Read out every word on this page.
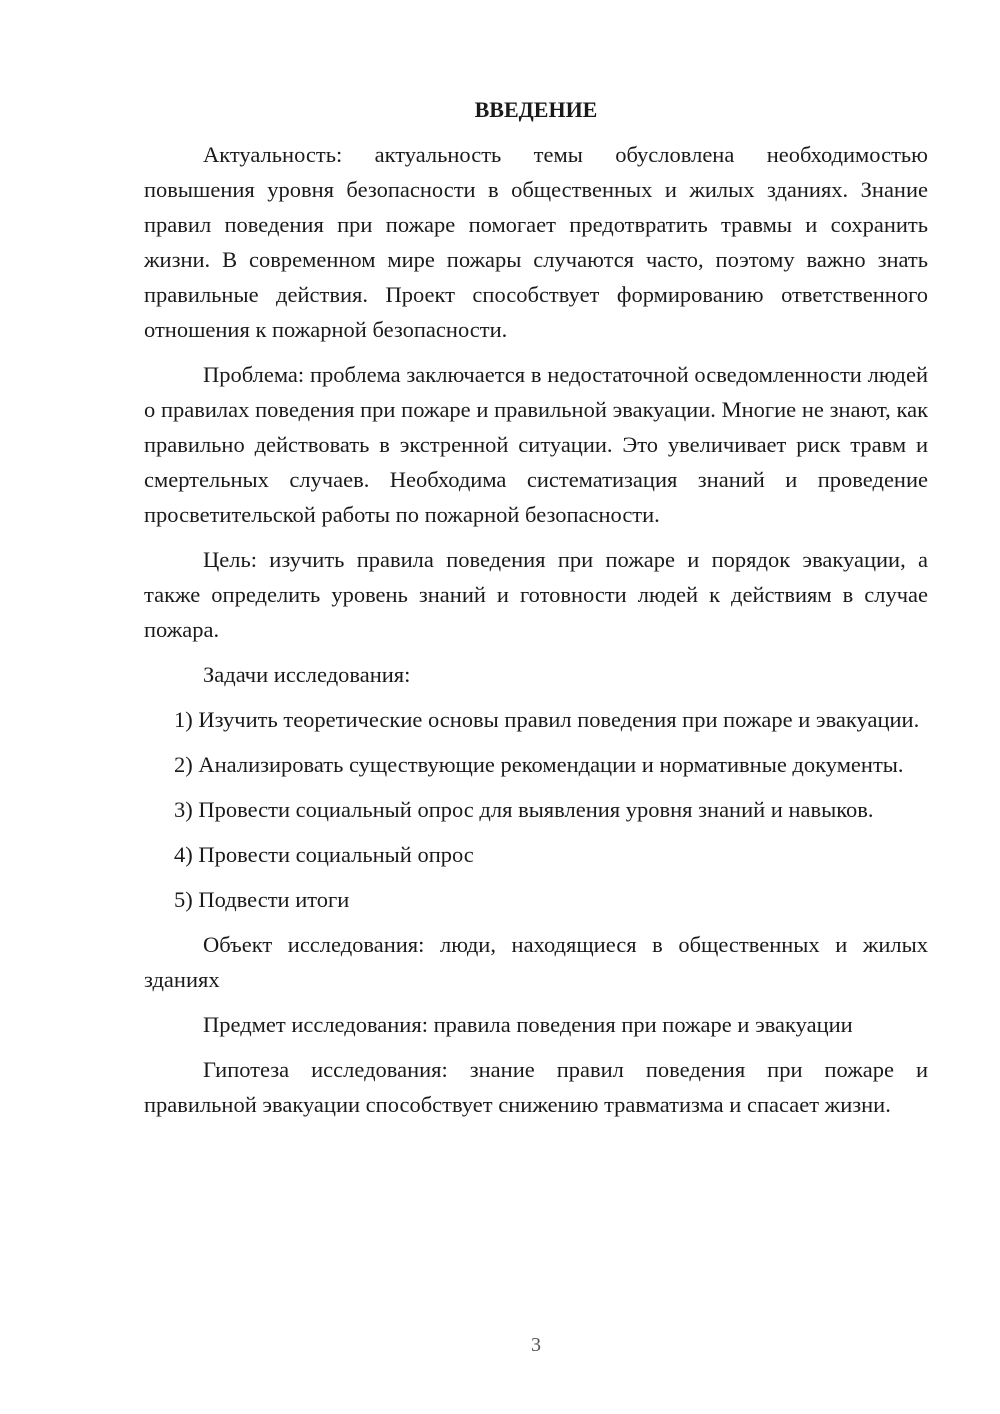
ВВЕДЕНИЕ

Актуальность: актуальность темы обусловлена необходимостью повышения уровня безопасности в общественных и жилых зданиях. Знание правил поведения при пожаре помогает предотвратить травмы и сохранить жизни. В современном мире пожары случаются часто, поэтому важно знать правильные действия. Проект способствует формированию ответственного отношения к пожарной безопасности.

Проблема: проблема заключается в недостаточной осведомленности людей о правилах поведения при пожаре и правильной эвакуации. Многие не знают, как правильно действовать в экстренной ситуации. Это увеличивает риск травм и смертельных случаев. Необходима систематизация знаний и проведение просветительской работы по пожарной безопасности.

Цель: изучить правила поведения при пожаре и порядок эвакуации, а также определить уровень знаний и готовности людей к действиям в случае пожара.

Задачи исследования:

1) Изучить теоретические основы правил поведения при пожаре и эвакуации.

2) Анализировать существующие рекомендации и нормативные документы.

3) Провести социальный опрос для выявления уровня знаний и навыков.

4) Провести социальный опрос

5) Подвести итоги

Объект исследования: люди, находящиеся в общественных и жилых зданиях

Предмет исследования: правила поведения при пожаре и эвакуации

Гипотеза исследования: знание правил поведения при пожаре и правильной эвакуации способствует снижению травматизма и спасает жизни.

3
